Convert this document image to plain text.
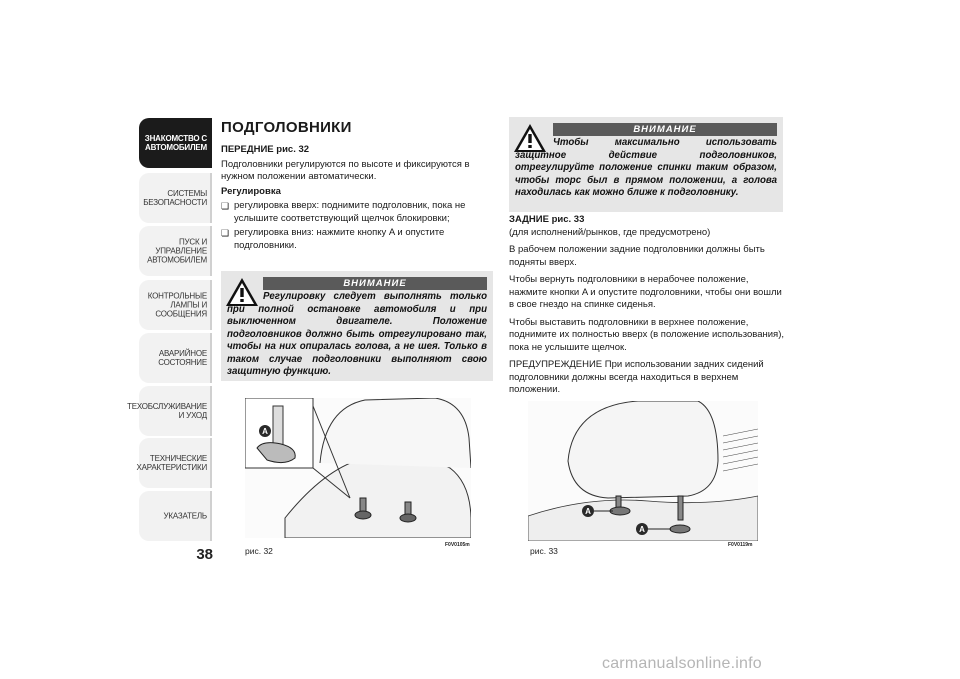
ЗНАКОМСТВО С
АВТОМОБИЛЕМ
СИСТЕМЫ
БЕЗОПАСНОСТИ
ПУСК И УПРАВЛЕНИЕ
АВТОМОБИЛЕМ
КОНТРОЛЬНЫЕ
ЛАМПЫ И
СООБЩЕНИЯ
АВАРИЙНОЕ
СОСТОЯНИЕ
ТЕХОБСЛУЖИВАНИЕ
И УХОД
ТЕХНИЧЕСКИЕ
ХАРАКТЕРИСТИКИ
УКАЗАТЕЛЬ
38
ПОДГОЛОВНИКИ

ПЕРЕДНИЕ рис. 32

Подголовники регулируются по высоте и фиксируются в нужном положении автоматически.

Регулировка

❏ регулировка вверх: поднимите подголовник, пока не услышите соответствующий щелчок блокировки;

❏ регулировка вниз: нажмите кнопку A и опустите подголовники.

ВНИМАНИЕ
Регулировку следует выполнять только при полной остановке автомобиля и при выключенном двигателе. Положение подголовников должно быть отрегулировано так, чтобы на них опиралась голова, а не шея. Только в таком случае подголовники выполняют свою защитную функцию.
A
рис. 32
F0V0105m
ВНИМАНИЕ
Чтобы максимально использовать защитное действие подголовников, отрегулируйте положение спинки таким образом, чтобы торс был в прямом положении, а голова находилась как можно ближе к подголовнику.

ЗАДНИЕ рис. 33

(для исполнений/рынков, где предусмотрено)

В рабочем положении задние подголовники должны быть подняты вверх.

Чтобы вернуть подголовники в нерабочее положение, нажмите кнопки A и опустите подголовники, чтобы они вошли в свое гнездо на спинке сиденья.

Чтобы выставить подголовники в верхнее положение, поднимите их полностью вверх (в положение использования), пока не услышите щелчок.

ПРЕДУПРЕЖДЕНИЕ При использовании задних сидений подголовники должны всегда находиться в верхнем положении.

A
A
рис. 33
F0V0119m
carmanualsonline.info
